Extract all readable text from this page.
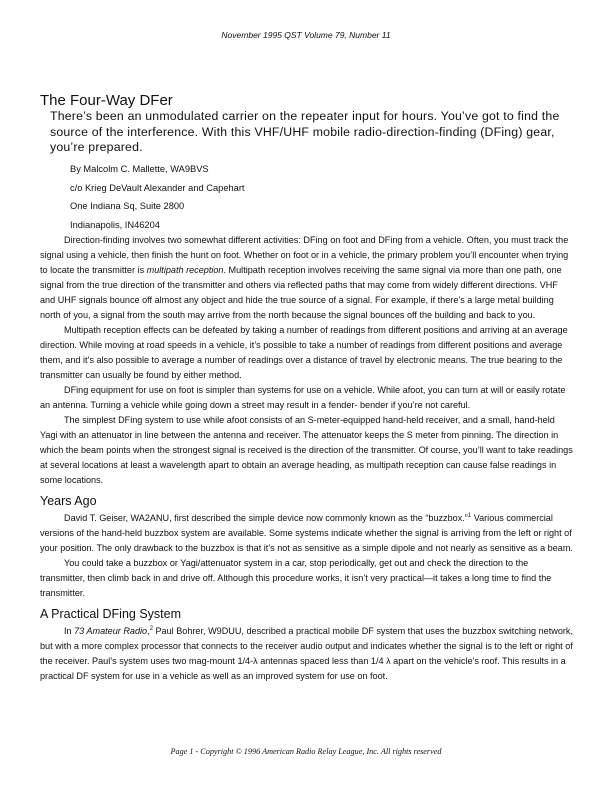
November 1995 QST Volume 79, Number 11
The Four-Way DFer
There’s been an unmodulated carrier on the repeater input for hours. You’ve got to find the source of the interference. With this VHF/UHF mobile radio-direction-finding (DFing) gear, you’re prepared.
By Malcolm C. Mallette, WA9BVS
c/o Krieg DeVault Alexander and Capehart
One Indiana Sq, Suite 2800
Indianapolis, IN46204

Direction-finding involves two somewhat different activities: DFing on foot and DFing from a vehicle. Often, you must track the signal using a vehicle, then finish the hunt on foot. Whether on foot or in a vehicle, the primary problem you’ll encounter when trying to locate the transmitter is multipath reception. Multipath reception involves receiving the same signal via more than one path, one signal from the true direction of the transmitter and others via reflected paths that may come from widely different directions. VHF and UHF signals bounce off almost any object and hide the true source of a signal. For example, if there’s a large metal building north of you, a signal from the south may arrive from the north because the signal bounces off the building and back to you.

Multipath reception effects can be defeated by taking a number of readings from different positions and arriving at an average direction. While moving at road speeds in a vehicle, it’s possible to take a number of readings from different positions and average them, and it’s also possible to average a number of readings over a distance of travel by electronic means. The true bearing to the transmitter can usually be found by either method.

DFing equipment for use on foot is simpler than systems for use on a vehicle. While afoot, you can turn at will or easily rotate an antenna. Turning a vehicle while going down a street may result in a fender- bender if you’re not careful.

The simplest DFing system to use while afoot consists of an S-meter-equipped hand-held receiver, and a small, hand-held Yagi with an attenuator in line between the antenna and receiver. The attenuator keeps the S meter from pinning. The direction in which the beam points when the strongest signal is received is the direction of the transmitter. Of course, you’ll want to take readings at several locations at least a wavelength apart to obtain an average heading, as multipath reception can cause false readings in some locations.

Years Ago

David T. Geiser, WA2ANU, first described the simple device now commonly known as the “buzzbox.”$^1$ Various commercial versions of the hand-held buzzbox system are available. Some systems indicate whether the signal is arriving from the left or right of your position. The only drawback to the buzzbox is that it’s not as sensitive as a simple dipole and not nearly as sensitive as a beam.

You could take a buzzbox or Yagi/attenuator system in a car, stop periodically, get out and check the direction to the transmitter, then climb back in and drive off. Although this procedure works, it isn’t very practical—it takes a long time to find the transmitter.

A Practical DFing System

In 73 Amateur Radio,$^2$ Paul Bohrer, W9DUU, described a practical mobile DF system that uses the buzzbox switching network, but with a more complex processor that connects to the receiver audio output and indicates whether the signal is to the left or right of the receiver. Paul’s system uses two mag-mount 1/4-λ antennas spaced less than 1/4 λ apart on the vehicle’s roof. This results in a practical DF system for use in a vehicle as well as an improved system for use on foot.

Page 1 - Copyright © 1996 American Radio Relay League, Inc. All rights reserved
